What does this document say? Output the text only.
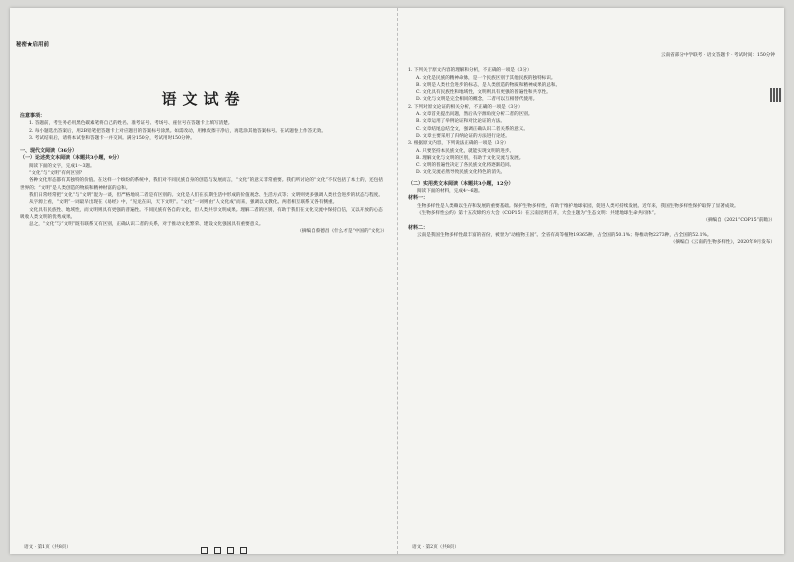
秘密★启用前
语文试卷
注意事项：
1. 答题前，考生务必用黑色碳素笔将自己的姓名、准考证号、考场号、座位号在答题卡上填写清楚。
2. 每小题选出答案后，用2B铅笔把答题卡上对应题目的答案标号涂黑。如需改动，用橡皮擦干净后，再选涂其他答案标号。在试题卷上作答无效。
3. 考试结束后，请将本试卷和答题卡一并交回。满分150分，考试用时150分钟。
一、现代文阅读（36分）
（一）论述类文本阅读（本题共3小题，9分）
阅读下面的文字，完成1～3题。
“文化”与“文明”有何区别？
各种文化形态都有其独特的价值。在这样一个缤纷的系统中，我们对不同民族自身的创造与发展而言，“文化”的意义非常重要。我们所讨论的“文化”不仅包括了本土的，还包括世界的；“文明”是人类创造的物质和精神财富的总和。
我们日常经常把“文化”与“文明”混为一谈，但严格地说二者是有区别的。文化是人们在长期生活中形成的价值观念、生活方式等；文明则更多强调人类社会进步的状态与程度。
从字源上看，“文明”一词最早出现在《易经》中，“见龙在田，天下文明”。“文化”一词则由“人文化成”而来，强调以文教化。两者相互联系又各有侧重。
文化具有民族性、地域性，而文明则具有更强的普遍性。不同民族有各自的文化，但人类共享文明成果。理解二者的区别，有助于我们在文化交流中保持自信，又以开放的心态吸收人类文明的优秀成果。
总之，“文化”与“文明”既有联系又有区别，正确认识二者的关系，对于推动文化繁荣、建设文化强国具有重要意义。
（摘编自蔡德昌《什么才是“中国的”文化》）
语文 · 第1页（共8页）
云南省部分中学联考 · 语文答题卡 · 考试时间：150分钟
1. 下列关于原文内容的理解和分析，不正确的一项是（3分）
A. 文化是民族的精神命脉，是一个民族区别于其他民族的独特标识。
B. 文明是人类社会进步的标志，是人类创造的物质和精神成果的总和。
C. 文化具有民族性和地域性，文明则具有更强的普遍性和共享性。
D. 文化与文明是完全相同的概念，二者可以互相替代使用。
2. 下列对原文论证的相关分析，不正确的一项是（3分）
A. 文章首先提出问题，然后从字源角度分析二者的区别。
B. 文章运用了举例论证和对比论证的方法。
C. 文章结尾总结全文，强调正确认识二者关系的意义。
D. 文章主要采用了归纳论证的方法进行论述。
3. 根据原文内容，下列说法正确的一项是（3分）
A. 只要坚持本民族文化，就能实现文明的进步。
B. 理解文化与文明的区别，有助于文化交流与发展。
C. 文明的普遍性决定了各民族文化将逐渐趋同。
D. 文化交流必然导致民族文化特色的消失。
（二）实用类文本阅读（本题共3小题，12分）
阅读下面的材料，完成4～6题。
材料一：
生物多样性是人类赖以生存和发展的重要基础。保护生物多样性，有助于维护地球家园，促进人类可持续发展。近年来，我国生物多样性保护取得了显著成效。
《生物多样性公约》第十五次缔约方大会（COP15）在云南昆明召开，大会主题为“生态文明：共建地球生命共同体”。
（摘编自《2021“COP15”前瞻》）
材料二：
云南是我国生物多样性最丰富的省份，被誉为“动植物王国”。全省有高等植物19365种，占全国的50.1%；脊椎动物2273种，占全国的52.1%。
（摘编自《云南的生物多样性》，2020年9月发布）
语文 · 第2页（共8页）
